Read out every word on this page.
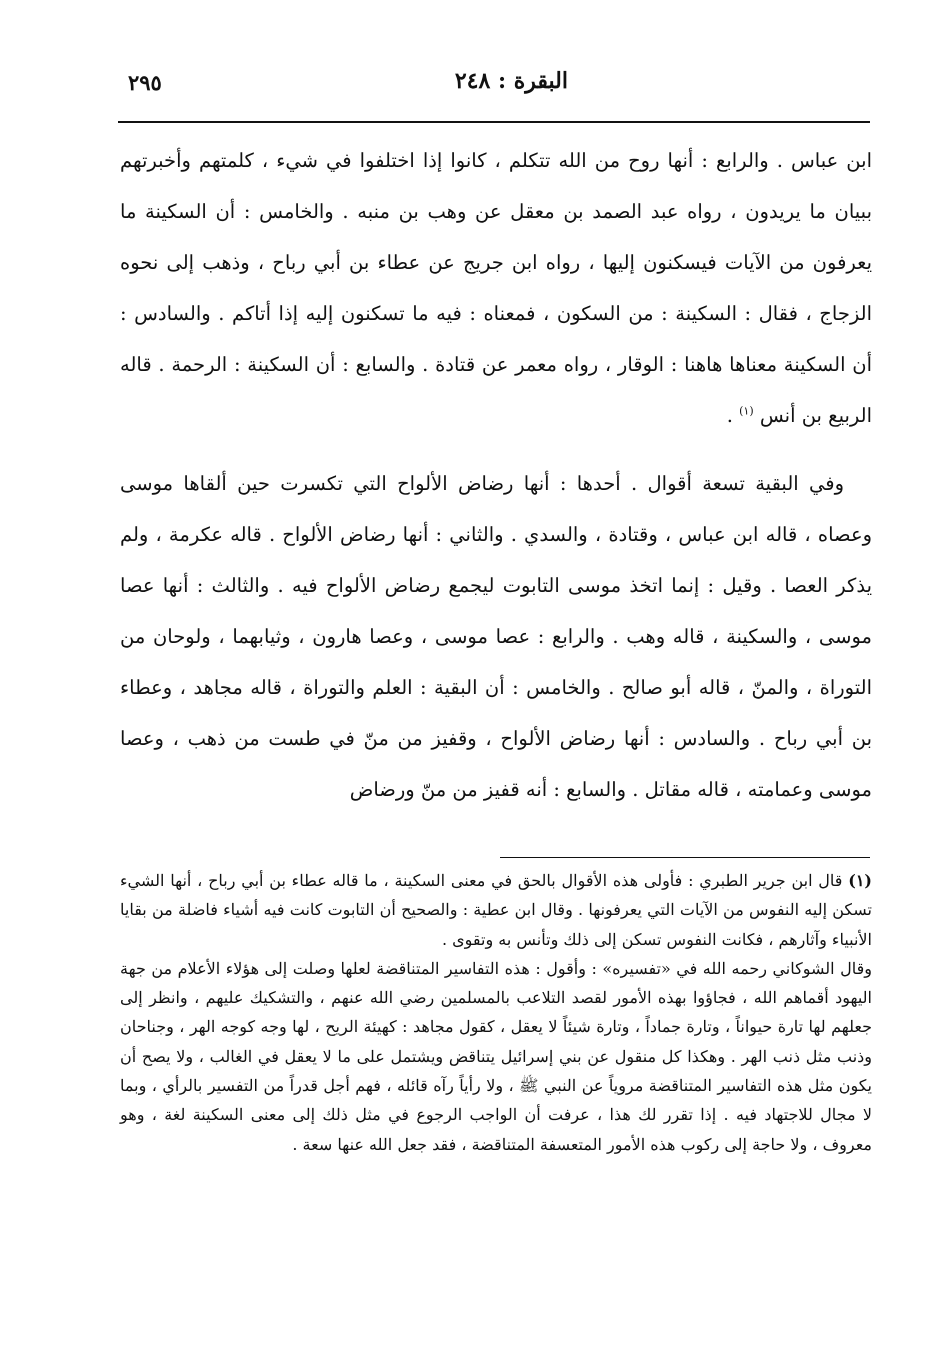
البقرة : ٢٤٨
٢٩٥

ابن عباس . والرابع : أنها روح من الله تتكلم ، كانوا إذا اختلفوا في شيء ، كلمتهم وأخبرتهم ببيان ما يريدون ، رواه عبد الصمد بن معقل عن وهب بن منبه . والخامس : أن السكينة ما يعرفون من الآيات فيسكنون إليها ، رواه ابن جريج عن عطاء بن أبي رباح ، وذهب إلى نحوه الزجاج ، فقال : السكينة : من السكون ، فمعناه : فيه ما تسكنون إليه إذا أتاكم . والسادس : أن السكينة معناها هاهنا : الوقار ، رواه معمر عن قتادة . والسابع : أن السكينة : الرحمة . قاله الربيع بن أنس $^{(١)}$ .

وفي البقية تسعة أقوال . أحدها : أنها رضاض الألواح التي تكسرت حين ألقاها موسى وعصاه ، قاله ابن عباس ، وقتادة ، والسدي . والثاني : أنها رضاض الألواح . قاله عكرمة ، ولم يذكر العصا . وقيل : إنما اتخذ موسى التابوت ليجمع رضاض الألواح فيه . والثالث : أنها عصا موسى ، والسكينة ، قاله وهب . والرابع : عصا موسى ، وعصا هارون ، وثيابهما ، ولوحان من التوراة ، والمنّ ، قاله أبو صالح . والخامس : أن البقية : العلم والتوراة ، قاله مجاهد ، وعطاء بن أبي رباح . والسادس : أنها رضاض الألواح ، وقفيز من منّ في طست من ذهب ، وعصا موسى وعمامته ، قاله مقاتل . والسابع : أنه قفيز من منّ ورضاض

(١) قال ابن جرير الطبري : فأولى هذه الأقوال بالحق في معنى السكينة ، ما قاله عطاء بن أبي رباح ، أنها الشيء تسكن إليه النفوس من الآيات التي يعرفونها . وقال ابن عطية : والصحيح أن التابوت كانت فيه أشياء فاضلة من بقايا الأنبياء وآثارهم ، فكانت النفوس تسكن إلى ذلك وتأنس به وتقوى .

وقال الشوكاني رحمه الله في «تفسيره» : وأقول : هذه التفاسير المتناقضة لعلها وصلت إلى هؤلاء الأعلام من جهة اليهود أقماهم الله ، فجاؤوا بهذه الأمور لقصد التلاعب بالمسلمين رضي الله عنهم ، والتشكيك عليهم ، وانظر إلى جعلهم لها تارة حيواناً ، وتارة جماداً ، وتارة شيئاً لا يعقل ، كقول مجاهد : كهيئة الريح ، لها وجه كوجه الهر ، وجناحان وذنب مثل ذنب الهر . وهكذا كل منقول عن بني إسرائيل يتناقض ويشتمل على ما لا يعقل في الغالب ، ولا يصح أن يكون مثل هذه التفاسير المتناقضة مروياً عن النبي ﷺ ، ولا رأياً رآه قائله ، فهم أجل قدراً من التفسير بالرأي ، وبما لا مجال للاجتهاد فيه . إذا تقرر لك هذا ، عرفت أن الواجب الرجوع في مثل ذلك إلى معنى السكينة لغة ، وهو معروف ، ولا حاجة إلى ركوب هذه الأمور المتعسفة المتناقضة ، فقد جعل الله عنها سعة .
